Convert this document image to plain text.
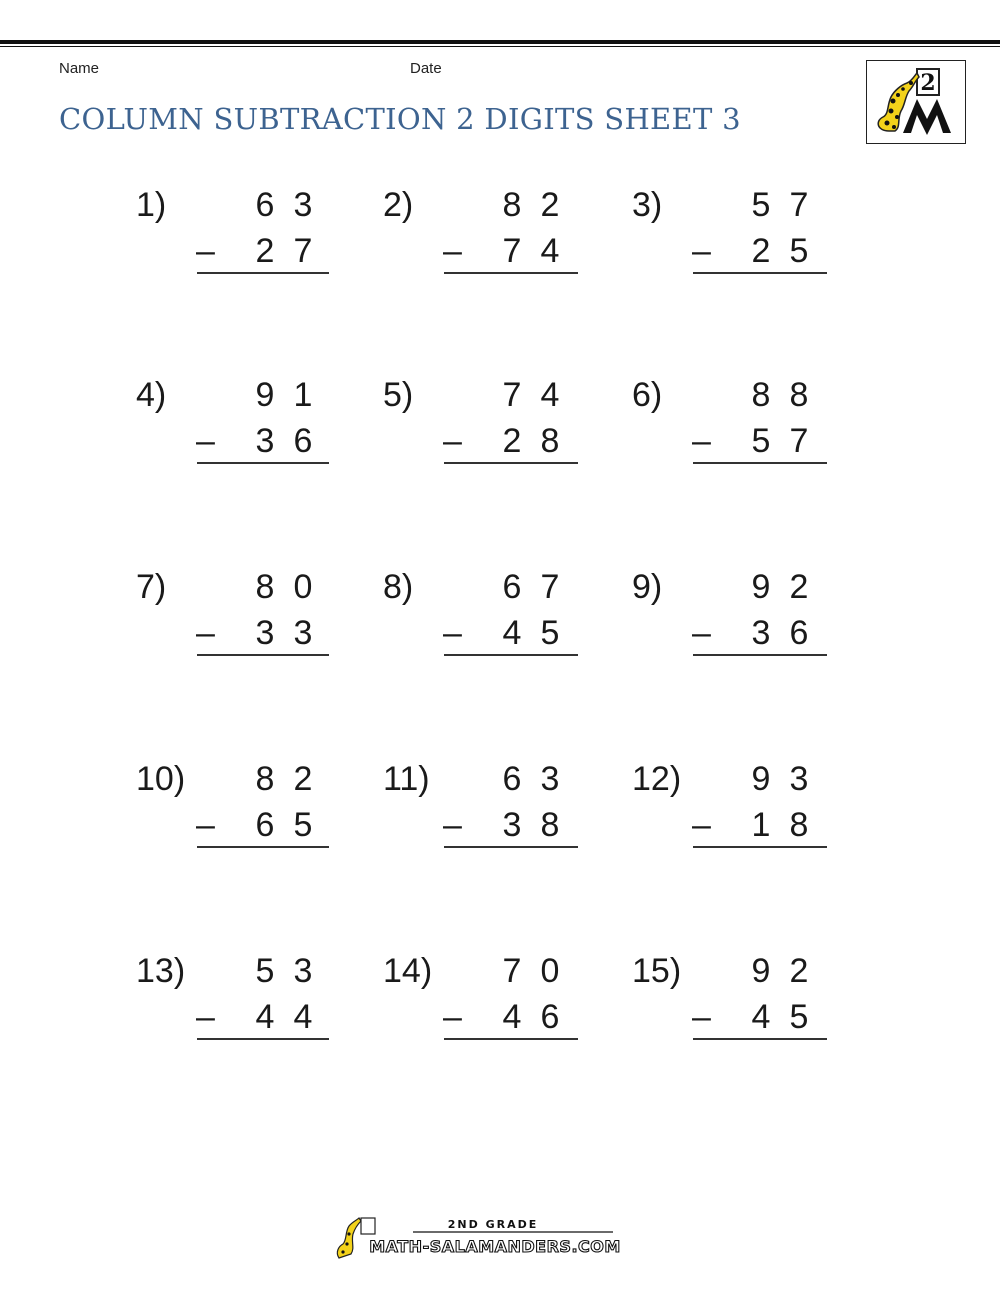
Name	Date
COLUMN SUBTRACTION 2 DIGITS SHEET 3
2
1)	6 3
– 2 7
2)	8 2
– 7 4
3)	5 7
– 2 5
4)	9 1
– 3 6
5)	7 4
– 2 8
6)	8 8
– 5 7
7)	8 0
– 3 3
8)	6 7
– 4 5
9)	9 2
– 3 6
10) 8 2
– 6 5
11) 6 3
– 3 8
12) 9 3
– 1 8
13) 5 3
– 4 4
14) 7 0
– 4 6
15) 9 2
– 4 5
2ND GRADE
MATH-SALAMANDERS.COM
